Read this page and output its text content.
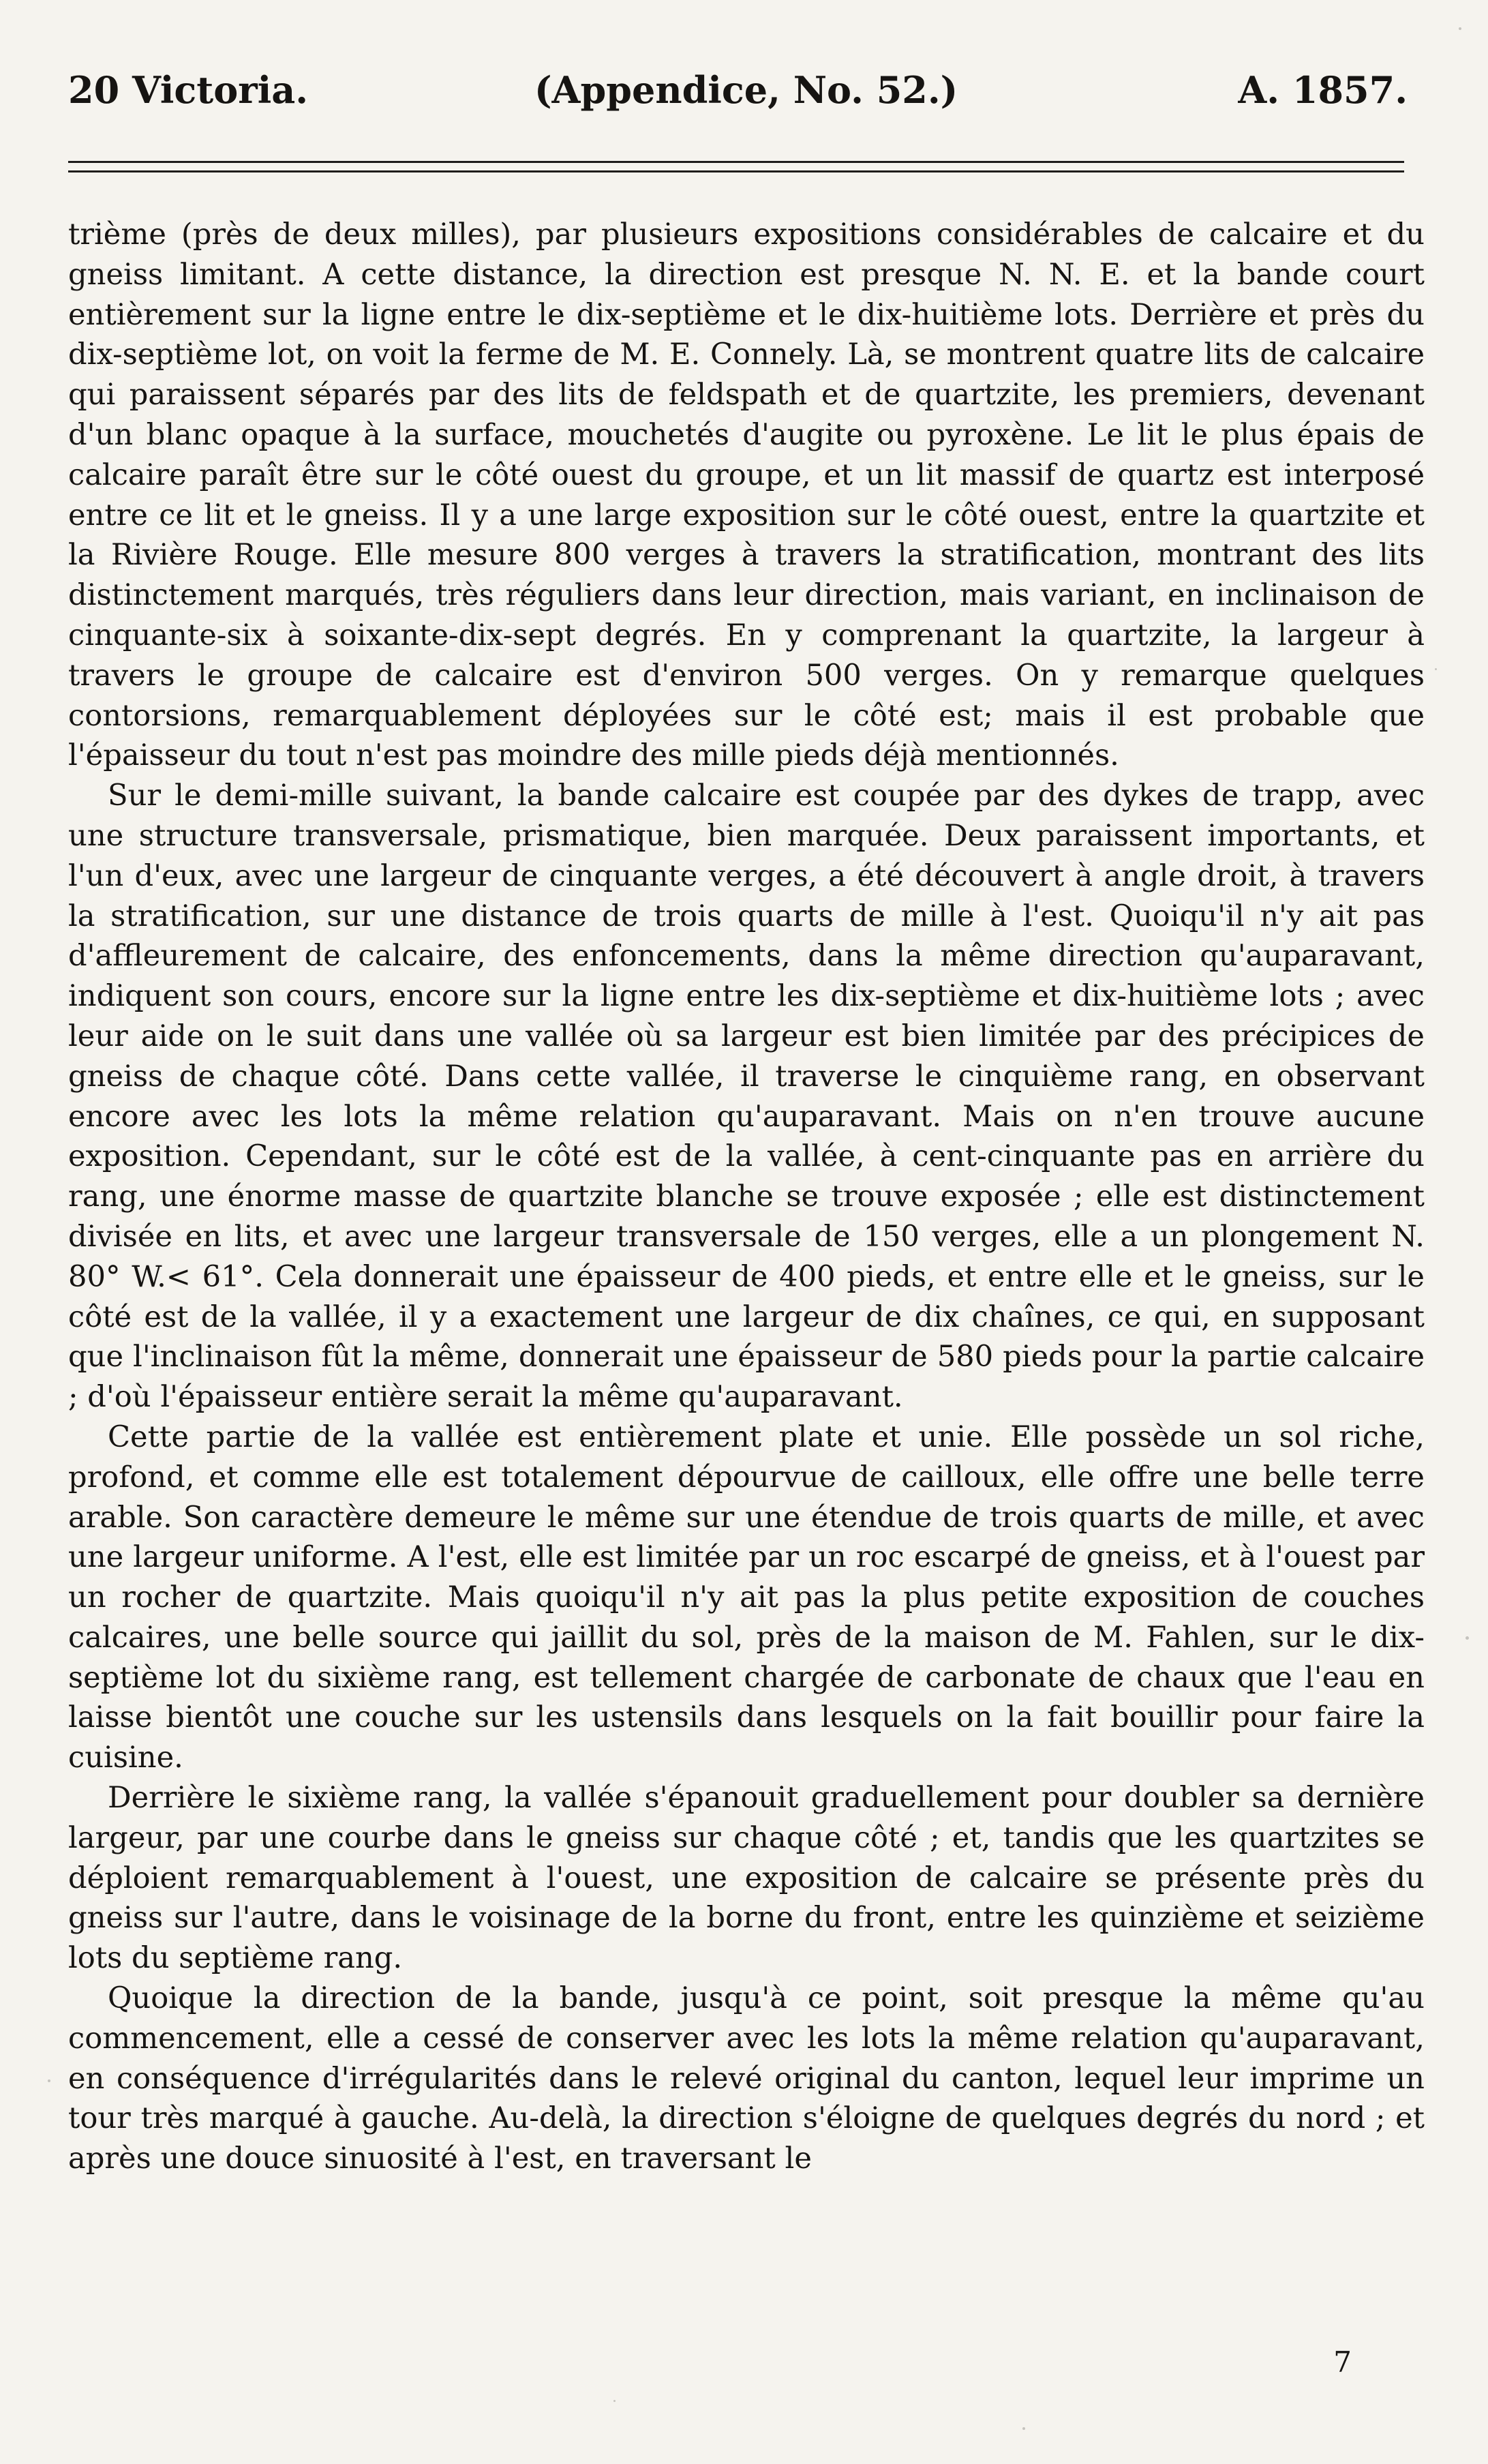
20 Victoria.	(Appendice, No. 52.)	A. 1857.

trième (près de deux milles), par plusieurs expositions considérables de calcaire et du gneiss limitant. A cette distance, la direction est presque N. N. E. et la bande court entièrement sur la ligne entre le dix-septième et le dix-huitième lots. Derrière et près du dix-septième lot, on voit la ferme de M. E. Connely. Là, se montrent quatre lits de calcaire qui paraissent séparés par des lits de feldspath et de quartzite, les premiers, devenant d'un blanc opaque à la surface, mouchetés d'augite ou pyroxène. Le lit le plus épais de calcaire paraît être sur le côté ouest du groupe, et un lit massif de quartz est interposé entre ce lit et le gneiss. Il y a une large exposition sur le côté ouest, entre la quartzite et la Rivière Rouge. Elle mesure 800 verges à travers la stratification, montrant des lits distinctement marqués, très réguliers dans leur direction, mais variant, en inclinaison de cinquante-six à soixante-dix-sept degrés. En y comprenant la quartzite, la largeur à travers le groupe de calcaire est d'environ 500 verges. On y remarque quelques contorsions, remarquablement déployées sur le côté est; mais il est probable que l'épaisseur du tout n'est pas moindre des mille pieds déjà mentionnés.

Sur le demi-mille suivant, la bande calcaire est coupée par des dykes de trapp, avec une structure transversale, prismatique, bien marquée. Deux paraissent importants, et l'un d'eux, avec une largeur de cinquante verges, a été découvert à angle droit, à travers la stratification, sur une distance de trois quarts de mille à l'est. Quoiqu'il n'y ait pas d'affleurement de calcaire, des enfoncements, dans la même direction qu'auparavant, indiquent son cours, encore sur la ligne entre les dix-septième et dix-huitième lots ; avec leur aide on le suit dans une vallée où sa largeur est bien limitée par des précipices de gneiss de chaque côté. Dans cette vallée, il traverse le cinquième rang, en observant encore avec les lots la même relation qu'auparavant. Mais on n'en trouve aucune exposition. Cependant, sur le côté est de la vallée, à cent-cinquante pas en arrière du rang, une énorme masse de quartzite blanche se trouve exposée ; elle est distinctement divisée en lits, et avec une largeur transversale de 150 verges, elle a un plongement N. 80° W.< 61°. Cela donnerait une épaisseur de 400 pieds, et entre elle et le gneiss, sur le côté est de la vallée, il y a exactement une largeur de dix chaînes, ce qui, en supposant que l'inclinaison fût la même, donnerait une épaisseur de 580 pieds pour la partie calcaire ; d'où l'épaisseur entière serait la même qu'auparavant.

Cette partie de la vallée est entièrement plate et unie. Elle possède un sol riche, profond, et comme elle est totalement dépourvue de cailloux, elle offre une belle terre arable. Son caractère demeure le même sur une étendue de trois quarts de mille, et avec une largeur uniforme. A l'est, elle est limitée par un roc escarpé de gneiss, et à l'ouest par un rocher de quartzite. Mais quoiqu'il n'y ait pas la plus petite exposition de couches calcaires, une belle source qui jaillit du sol, près de la maison de M. Fahlen, sur le dix-septième lot du sixième rang, est tellement chargée de carbonate de chaux que l'eau en laisse bientôt une couche sur les ustensils dans lesquels on la fait bouillir pour faire la cuisine.

Derrière le sixième rang, la vallée s'épanouit graduellement pour doubler sa dernière largeur, par une courbe dans le gneiss sur chaque côté ; et, tandis que les quartzites se déploient remarquablement à l'ouest, une exposition de calcaire se présente près du gneiss sur l'autre, dans le voisinage de la borne du front, entre les quinzième et seizième lots du septième rang.

Quoique la direction de la bande, jusqu'à ce point, soit presque la même qu'au commencement, elle a cessé de conserver avec les lots la même relation qu'auparavant, en conséquence d'irrégularités dans le relevé original du canton, lequel leur imprime un tour très marqué à gauche. Au-delà, la direction s'éloigne de quelques degrés du nord ; et après une douce sinuosité à l'est, en traversant le

7
